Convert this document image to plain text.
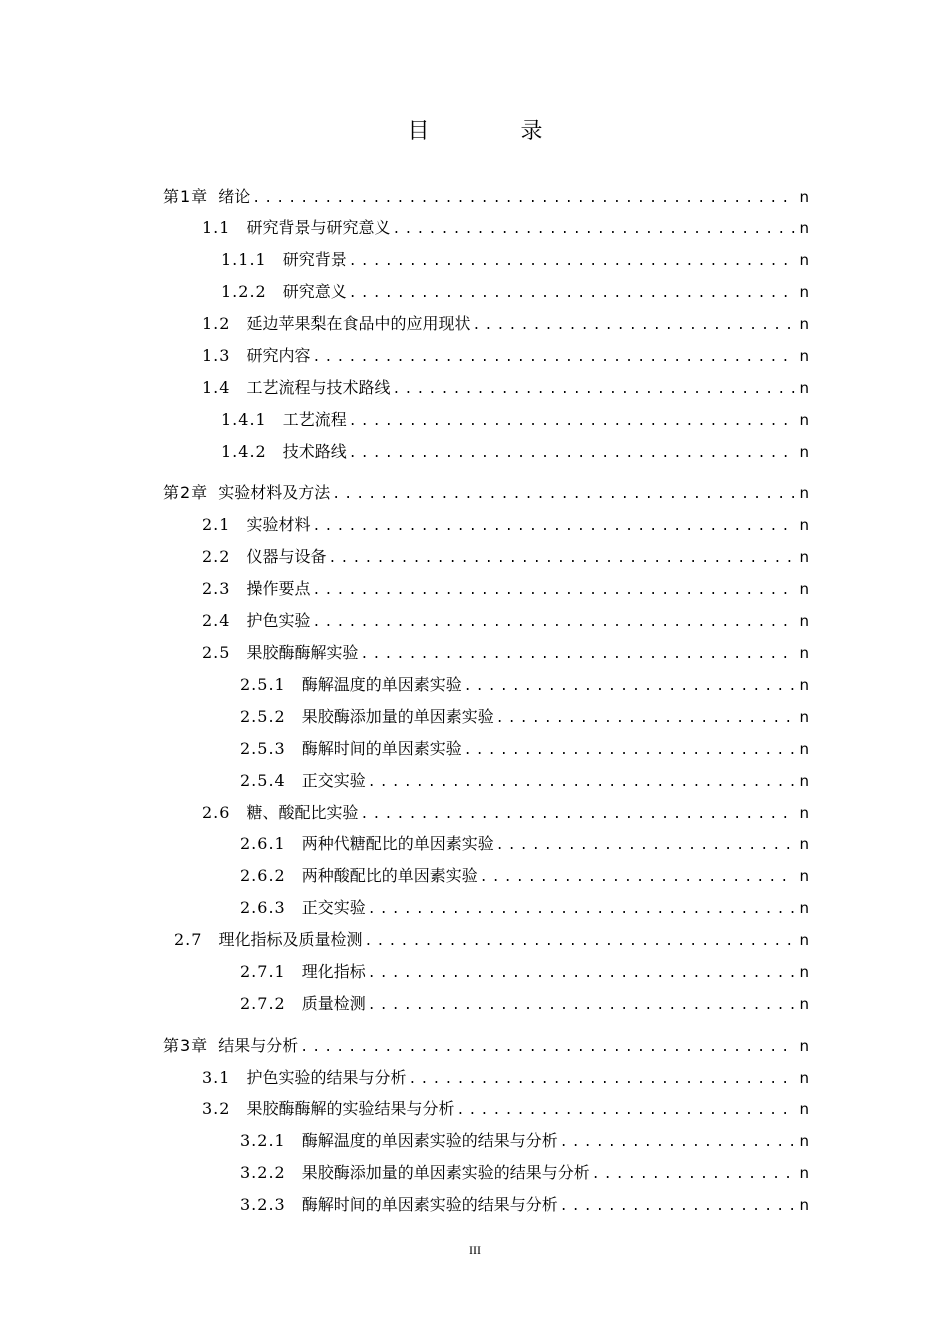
目 录
第1章 绪论 .....	n
1.1 研究背景与研究意义 .....	n
1.1.1 研究背景 .....	n
1.2.2 研究意义 .....	n
1.2 延边苹果梨在食品中的应用现状 .....	n
1.3 研究内容 .....	n
1.4 工艺流程与技术路线 .....	n
1.4.1 工艺流程 .....	n
1.4.2 技术路线 .....	n
第2章 实验材料及方法 .....	n
2.1 实验材料 .....	n
2.2 仪器与设备 .....	n
2.3 操作要点 .....	n
2.4 护色实验 .....	n
2.5 果胶酶酶解实验 .....	n
2.5.1 酶解温度的单因素实验 .....	n
2.5.2 果胶酶添加量的单因素实验 .....	n
2.5.3 酶解时间的单因素实验 .....	n
2.5.4 正交实验 .....	n
2.6 糖、酸配比实验 .....	n
2.6.1 两种代糖配比的单因素实验 .....	n
2.6.2 两种酸配比的单因素实验 .....	n
2.6.3 正交实验 .....	n
2.7 理化指标及质量检测 .....	n
2.7.1 理化指标 .....	n
2.7.2 质量检测 .....	n
第3章 结果与分析 .....	n
3.1 护色实验的结果与分析 .....	n
3.2 果胶酶酶解的实验结果与分析 .....	n
3.2.1 酶解温度的单因素实验的结果与分析 .....	n
3.2.2 果胶酶添加量的单因素实验的结果与分析 .....	n
3.2.3 酶解时间的单因素实验的结果与分析 .....	n
III
